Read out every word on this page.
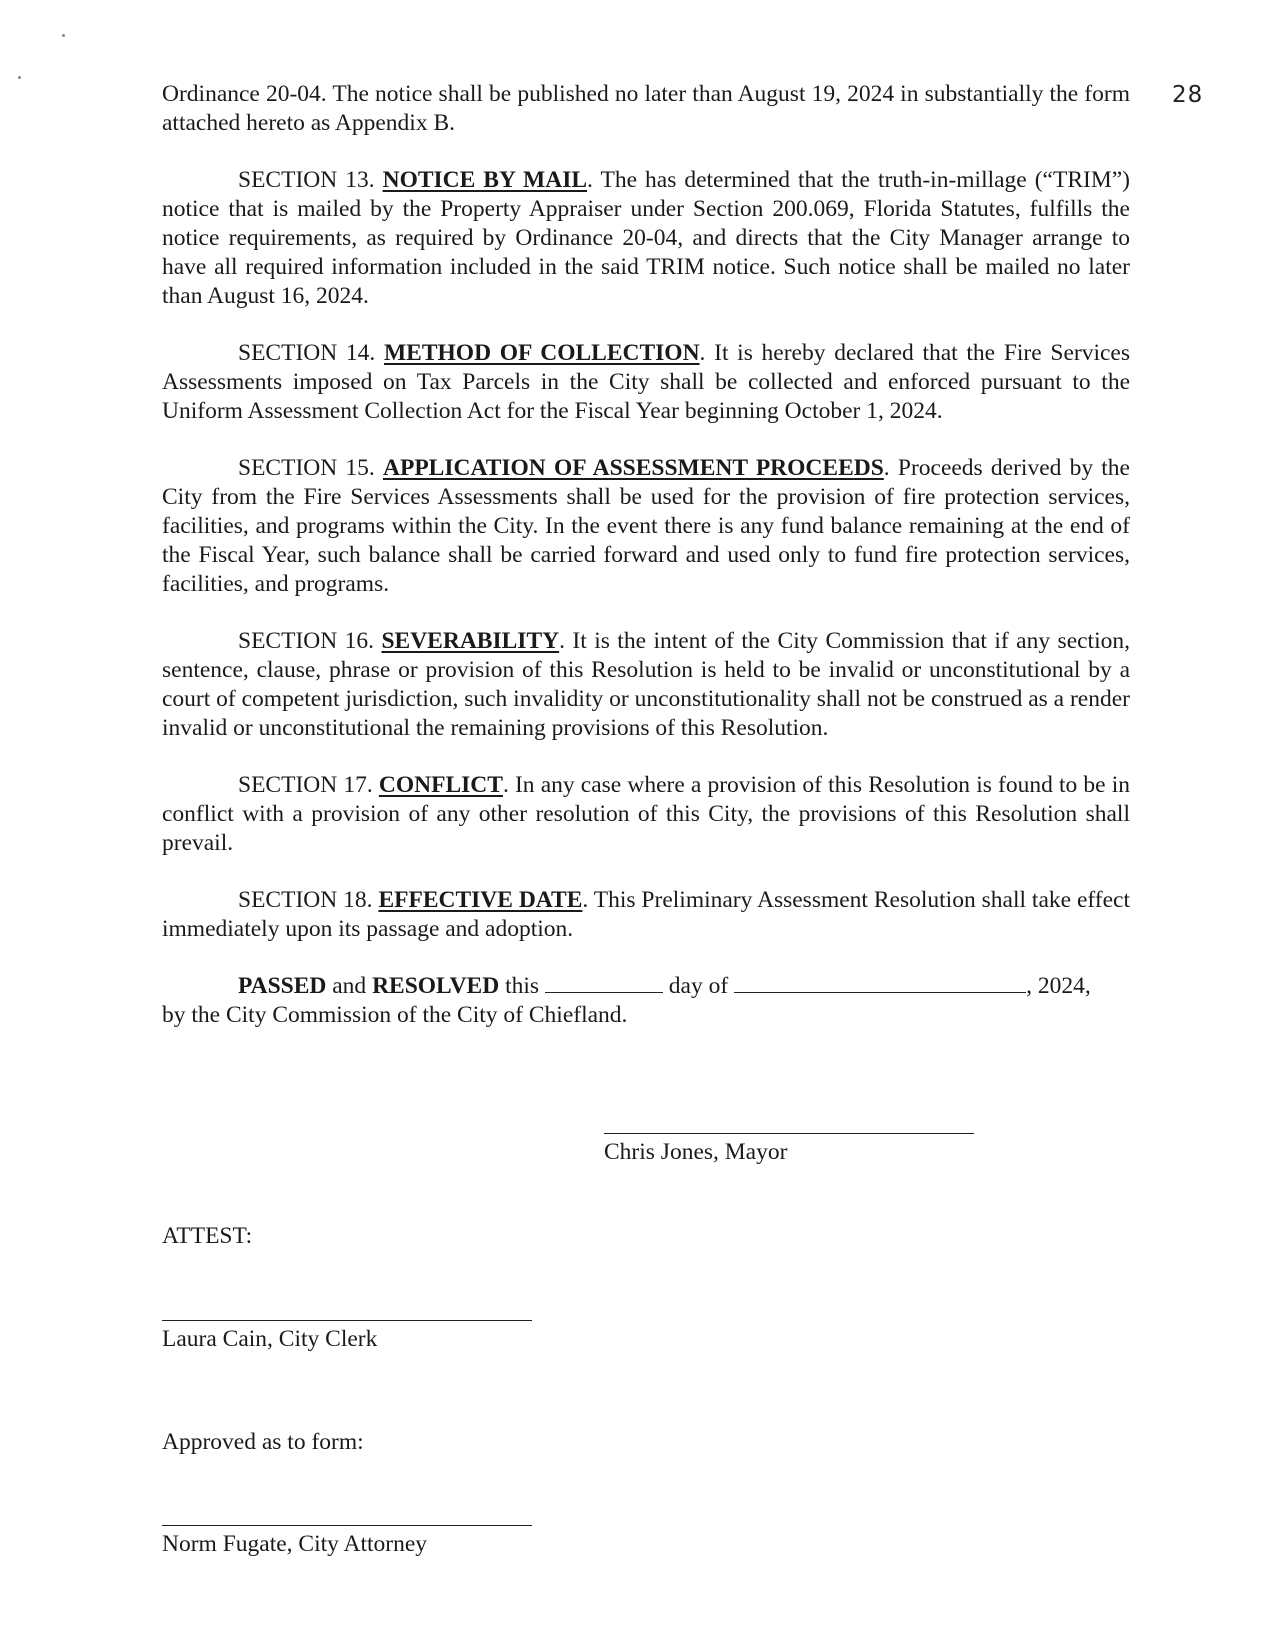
28

Ordinance 20-04. The notice shall be published no later than August 19, 2024 in substantially the form attached hereto as Appendix B.

SECTION 13. NOTICE BY MAIL. The has determined that the truth-in-millage (“TRIM”) notice that is mailed by the Property Appraiser under Section 200.069, Florida Statutes, fulfills the notice requirements, as required by Ordinance 20-04, and directs that the City Manager arrange to have all required information included in the said TRIM notice. Such notice shall be mailed no later than August 16, 2024.

SECTION 14. METHOD OF COLLECTION. It is hereby declared that the Fire Services Assessments imposed on Tax Parcels in the City shall be collected and enforced pursuant to the Uniform Assessment Collection Act for the Fiscal Year beginning October 1, 2024.

SECTION 15. APPLICATION OF ASSESSMENT PROCEEDS. Proceeds derived by the City from the Fire Services Assessments shall be used for the provision of fire protection services, facilities, and programs within the City. In the event there is any fund balance remaining at the end of the Fiscal Year, such balance shall be carried forward and used only to fund fire protection services, facilities, and programs.

SECTION 16. SEVERABILITY. It is the intent of the City Commission that if any section, sentence, clause, phrase or provision of this Resolution is held to be invalid or unconstitutional by a court of competent jurisdiction, such invalidity or unconstitutionality shall not be construed as a render invalid or unconstitutional the remaining provisions of this Resolution.

SECTION 17. CONFLICT. In any case where a provision of this Resolution is found to be in conflict with a provision of any other resolution of this City, the provisions of this Resolution shall prevail.

SECTION 18. EFFECTIVE DATE. This Preliminary Assessment Resolution shall take effect immediately upon its passage and adoption.

PASSED and RESOLVED this	day of	, 2024,
by the City Commission of the City of Chiefland.

Chris Jones, Mayor
ATTEST:
Laura Cain, City Clerk
Approved as to form:
Norm Fugate, City Attorney
